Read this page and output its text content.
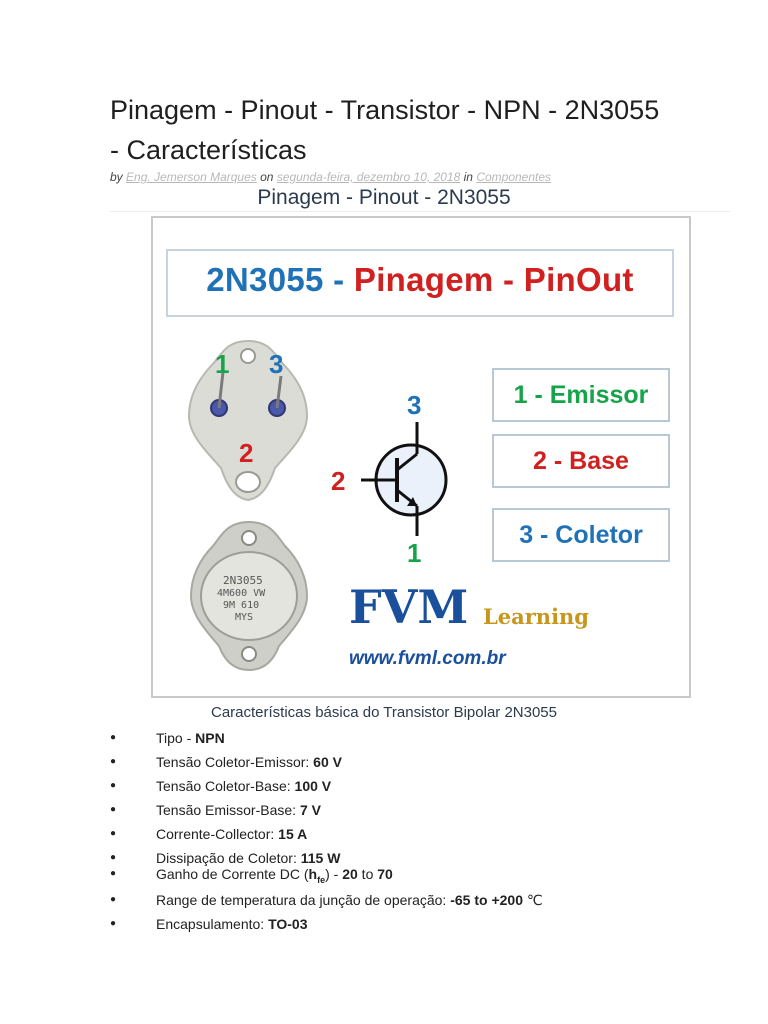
Pinagem - Pinout - Transistor - NPN - 2N3055 - Características
by Eng. Jemerson Marques on segunda-feira, dezembro 10, 2018 in Componentes
Pinagem - Pinout - 2N3055
2N3055 - Pinagem - PinOut
1 3
2
2N3055
4M600 VW
9M 610
MYS
3
2
1
1 - Emissor
2 - Base
3 - Coletor
FVM Learning
www.fvml.com.br
Características básica do Transistor Bipolar 2N3055
●	Tipo - NPN
●	Tensão Coletor-Emissor: 60 V
●	Tensão Coletor-Base: 100 V
●	Tensão Emissor-Base: 7 V
●	Corrente-Collector: 15 A
●	Dissipação de Coletor: 115 W
●	Ganho de Corrente DC $(h_{fe}) - 20$ to 70
●	Range de temperatura da junção de operação: -65 to +200 ℃
●	Encapsulamento: TO-03
